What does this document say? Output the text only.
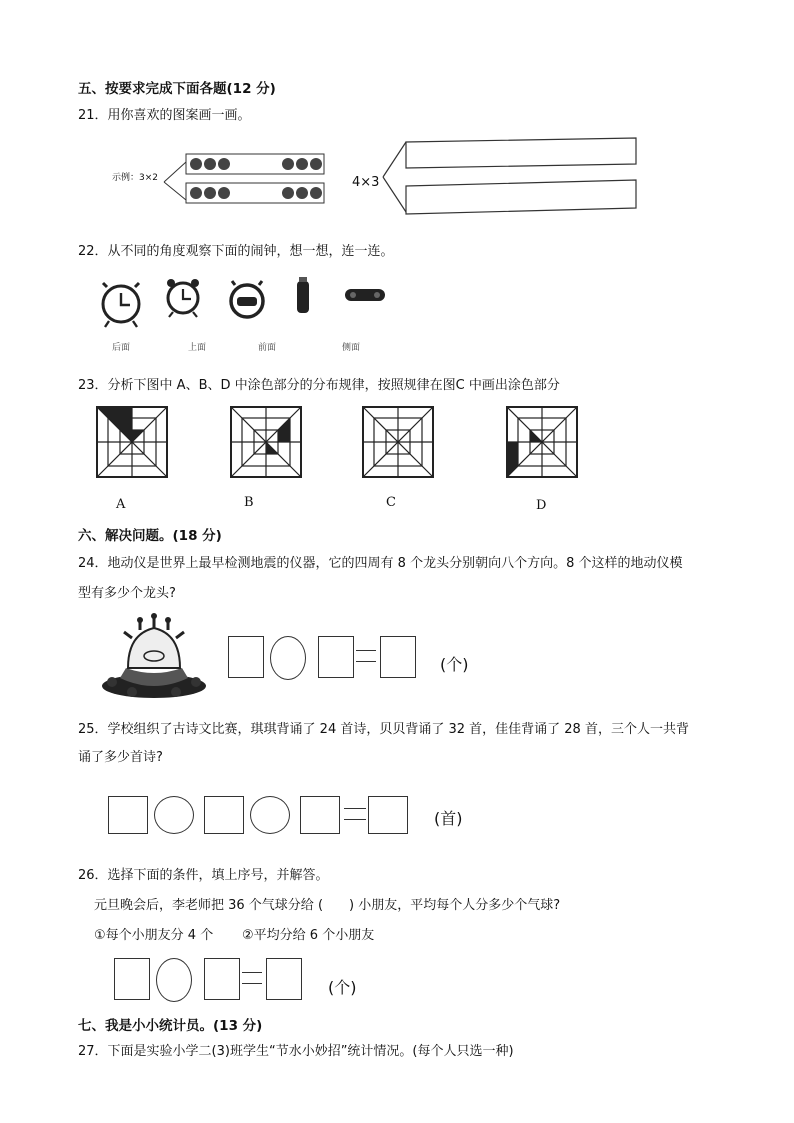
五、按要求完成下面各题(12 分)
21．用你喜欢的图案画一画。
示例：3×2	4×3
22．从不同的角度观察下面的闹钟，想一想，连一连。
后面	上面	前面	侧面
23．分析下图中 A、B、D 中涂色部分的分布规律，按照规律在图C 中画出涂色部分
A	B	C	D
六、解决问题。(18 分)
24．地动仪是世界上最早检测地震的仪器，它的四周有 8 个龙头分别朝向八个方向。8 个这样的地动仪模
型有多少个龙头?
(个)
25．学校组织了古诗文比赛，琪琪背诵了 24 首诗，贝贝背诵了 32 首，佳佳背诵了 28 首，三个人一共背
诵了多少首诗?
(首)
26．选择下面的条件，填上序号，并解答。
元旦晚会后，李老师把 36 个气球分给 (　　) 小朋友，平均每个人分多少个气球?
①每个小朋友分 4 个 ②平均分给 6 个小朋友
(个)
七、我是小小统计员。(13 分)
27．下面是实验小学二(3)班学生“节水小妙招”统计情况。(每个人只选一种)
